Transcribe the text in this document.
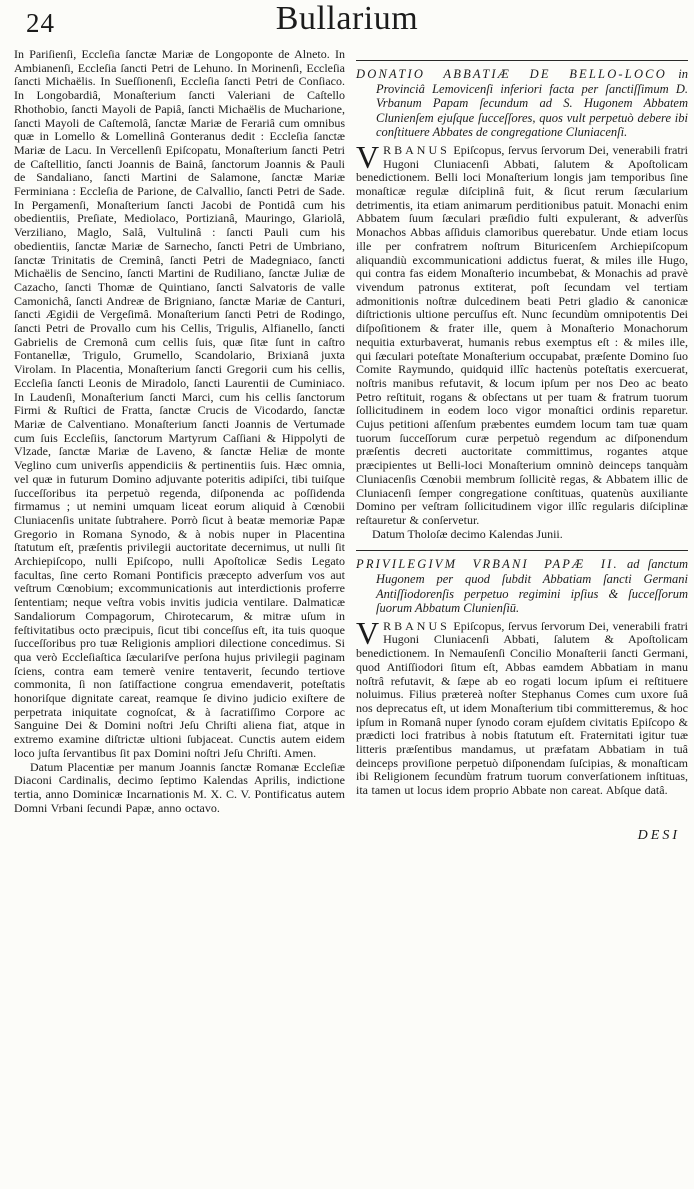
24	Bullarium

In Pariſienſi, Eccleſia ſanctæ Mariæ de Longoponte de Alneto. In Ambianenſi, Eccleſia ſancti Petri de Lehuno. In Morinenſi, Eccleſia ſancti Michaëlis. In Sueſſionenſi, Eccleſia ſancti Petri de Conſiaco. In Longobardiâ, Monaſterium ſancti Valeriani de Caſtello Rhothobio, ſancti Mayoli de Papiâ, ſancti Michaëlis de Mucharione, ſancti Mayoli de Caſtemolâ, ſanctæ Mariæ de Ferariâ cum omnibus quæ in Lomello & Lomellinâ Gonteranus dedit : Eccleſia ſanctæ Mariæ de Lacu. In Vercellenſi Epiſcopatu, Monaſterium ſancti Petri de Caſtellitio, ſancti Joannis de Bainâ, ſanctorum Joannis & Pauli de Sandaliano, ſancti Martini de Salamone, ſanctæ Mariæ Ferminiana : Eccleſia de Parione, de Calvallio, ſancti Petri de Sade. In Pergamenſi, Monaſterium ſancti Jacobi de Pontidâ cum his obedientiis, Preſiate, Mediolaco, Portizianâ, Mauringo, Glariolâ, Verziliano, Maglo, Salâ, Vultulinâ : ſancti Pauli cum his obedientiis, ſanctæ Mariæ de Sarnecho, ſancti Petri de Umbriano, ſanctæ Trinitatis de Creminâ, ſancti Petri de Madegniaco, ſancti Michaëlis de Sencino, ſancti Martini de Rudiliano, ſanctæ Juliæ de Cazacho, ſancti Thomæ de Quintiano, ſancti Salvatoris de valle Camonichâ, ſancti Andreæ de Brigniano, ſanctæ Mariæ de Canturi, ſancti Ægidii de Vergeſimâ. Monaſterium ſancti Petri de Rodingo, ſancti Petri de Provallo cum his Cellis, Trigulis, Alfianello, ſancti Gabrielis de Cremonâ cum cellis ſuis, quæ ſitæ ſunt in caſtro Fontanellæ, Trigulo, Grumello, Scandolario, Brixianâ juxta Virolam. In Placentia, Monaſterium ſancti Gregorii cum his cellis, Eccleſia ſancti Leonis de Miradolo, ſancti Laurentii de Cuminiaco. In Laudenſi, Monaſterium ſancti Marci, cum his cellis ſanctorum Firmi & Ruſtici de Fratta, ſanctæ Crucis de Vicodardo, ſanctæ Mariæ de Calventiano. Monaſterium ſancti Joannis de Vertumade cum ſuis Eccleſiis, ſanctorum Martyrum Caſſiani & Hippolyti de Vlzade, ſanctæ Mariæ de Laveno, & ſanctæ Heliæ de monte Veglino cum univerſis appendiciis & pertinentiis ſuis. Hæc omnia, vel quæ in futurum Domino adjuvante poteritis adipiſci, tibi tuiſque ſucceſſoribus ita perpetuò regenda, diſponenda ac poſſidenda firmamus ; ut nemini umquam liceat eorum aliquid à Cœnobii Cluniacenſis unitate ſubtrahere. Porrò ſicut à beatæ memoriæ Papæ Gregorio in Romana Synodo, & à nobis nuper in Placentina ſtatutum eſt, præſentis privilegii auctoritate decernimus, ut nulli ſit Archiepiſcopo, nulli Epiſcopo, nulli Apoſtolicæ Sedis Legato facultas, ſine certo Romani Pontificis præcepto adverſum vos aut veſtrum Cœnobium; excommunicationis aut interdictionis proferre ſententiam; neque veſtra vobis invitis judicia ventilare. Dalmaticæ Sandaliorum Compagorum, Chirotecarum, & mitræ uſum in feſtivitatibus octo præcipuis, ſicut tibi conceſſus eſt, ita tuis quoque ſucceſſoribus pro tuæ Religionis ampliori dilectione concedimus. Si qua verò Eccleſiaſtica ſæculariſve perſona hujus privilegii paginam ſciens, contra eam temerè venire tentaverit, ſecundo tertiove commonita, ſi non ſatiſfactione congrua emendaverit, poteſtatis honoriſque dignitate careat, reamque ſe divino judicio exiſtere de perpetrata iniquitate cognoſcat, & à ſacratiſſimo Corpore ac Sanguine Dei & Domini noſtri Jeſu Chriſti aliena fiat, atque in extremo examine diſtrictæ ultioni ſubjaceat. Cunctis autem eidem loco juſta ſervantibus ſit pax Domini noſtri Jeſu Chriſti. Amen.

Datum Placentiæ per manum Joannis ſanctæ Romanæ Eccleſiæ Diaconi Cardinalis, decimo ſeptimo Kalendas Aprilis, indictione tertia, anno Dominicæ Incarnationis M. X. C. V. Pontificatus autem Domni Vrbani ſecundi Papæ, anno octavo.

DONATIO ABBATIÆ DE BELLO-LOCO in Provinciâ Lemovicenſi inferiori facta per ſanctiſſimum D. Vrbanum Papam ſecundum ad S. Hugonem Abbatem Clunienſem ejuſque ſucceſſores, quos vult perpetuò debere ibi conſtituere Abbates de congregatione Cluniacenſi.

VRBANUS Epiſcopus, ſervus ſervorum Dei, venerabili fratri Hugoni Cluniacenſi Abbati, ſalutem & Apoſtolicam benedictionem. Belli loci Monaſterium longis jam temporibus ſine monaſticæ regulæ diſciplinâ fuit, & ſicut rerum ſæcularium detrimentis, ita etiam animarum perditionibus patuit. Monachi enim Abbatem ſuum ſæculari præſidio fulti expulerant, & adverſùs Monachos Abbas aſſiduis clamoribus querebatur. Unde etiam locus ille per confratrem noſtrum Bituricenſem Archiepiſcopum aliquandiù excommunicationi addictus fuerat, & miles ille Hugo, qui contra fas eidem Monaſterio incumbebat, & Monachis ad pravè vivendum patronus extiterat, poſt ſecundam vel tertiam admonitionis noſtræ dulcedinem beati Petri gladio & canonicæ diſtrictionis ultione percuſſus eſt. Nunc ſecundùm omnipotentis Dei diſpoſitionem & frater ille, quem à Monaſterio Monachorum nequitia exturbaverat, humanis rebus exemptus eſt : & miles ille, qui ſæculari poteſtate Monaſterium occupabat, præſente Domino ſuo Comite Raymundo, quidquid illîc hactenùs poteſtatis exercuerat, noſtris manibus refutavit, & locum ipſum per nos Deo ac beato Petro reſtituit, rogans & obſectans ut per tuam & fratrum tuorum ſollicitudinem in eodem loco vigor monaſtici ordinis reparetur. Cujus petitioni aſſenſum præbentes eumdem locum tam tuæ quam tuorum ſucceſſorum curæ perpetuò regendum ac diſponendum præſentis decreti auctoritate committimus, rogantes atque præcipientes ut Belli-loci Monaſterium omninò deinceps tanquàm Cluniacenſis Cœnobii membrum ſollicitè regas, & Abbatem illic de Cluniacenſi ſemper congregatione conſtituas, quatenùs auxiliante Domino per veſtram ſollicitudinem vigor illîc regularis diſciplinæ reſtauretur & conſervetur.

Datum Tholoſæ decimo Kalendas Junii.

PRIVILEGIVM VRBANI PAPÆ II. ad ſanctum Hugonem per quod ſubdit Abbatiam ſancti Germani Antiſſiodorenſis perpetuo regimini ipſius & ſucceſſorum ſuorum Abbatum Clunienſiū.

VRBANUS Epiſcopus, ſervus ſervorum Dei, venerabili fratri Hugoni Cluniacenſi Abbati, ſalutem & Apoſtolicam benedictionem. In Nemauſenſi Concilio Monaſterii ſancti Germani, quod Antiſſiodori ſitum eſt, Abbas eamdem Abbatiam in manu noſtrâ refutavit, & ſæpe ab eo rogati locum ipſum ei reſtituere noluimus. Filius prætereà noſter Stephanus Comes cum uxore ſuâ nos deprecatus eſt, ut idem Monaſterium tibi committeremus, & hoc ipſum in Romanâ nuper ſynodo coram ejuſdem civitatis Epiſcopo & prædicti loci fratribus à nobis ſtatutum eſt. Fraternitati igitur tuæ litteris præſentibus mandamus, ut præfatam Abbatiam in tuâ deinceps proviſione perpetuò diſponendam ſuſcipias, & monaſticam ibi Religionem ſecundùm fratrum tuorum converſationem inſtituas, ita tamen ut locus idem proprio Abbate non careat. Abſque datâ.

DESI
